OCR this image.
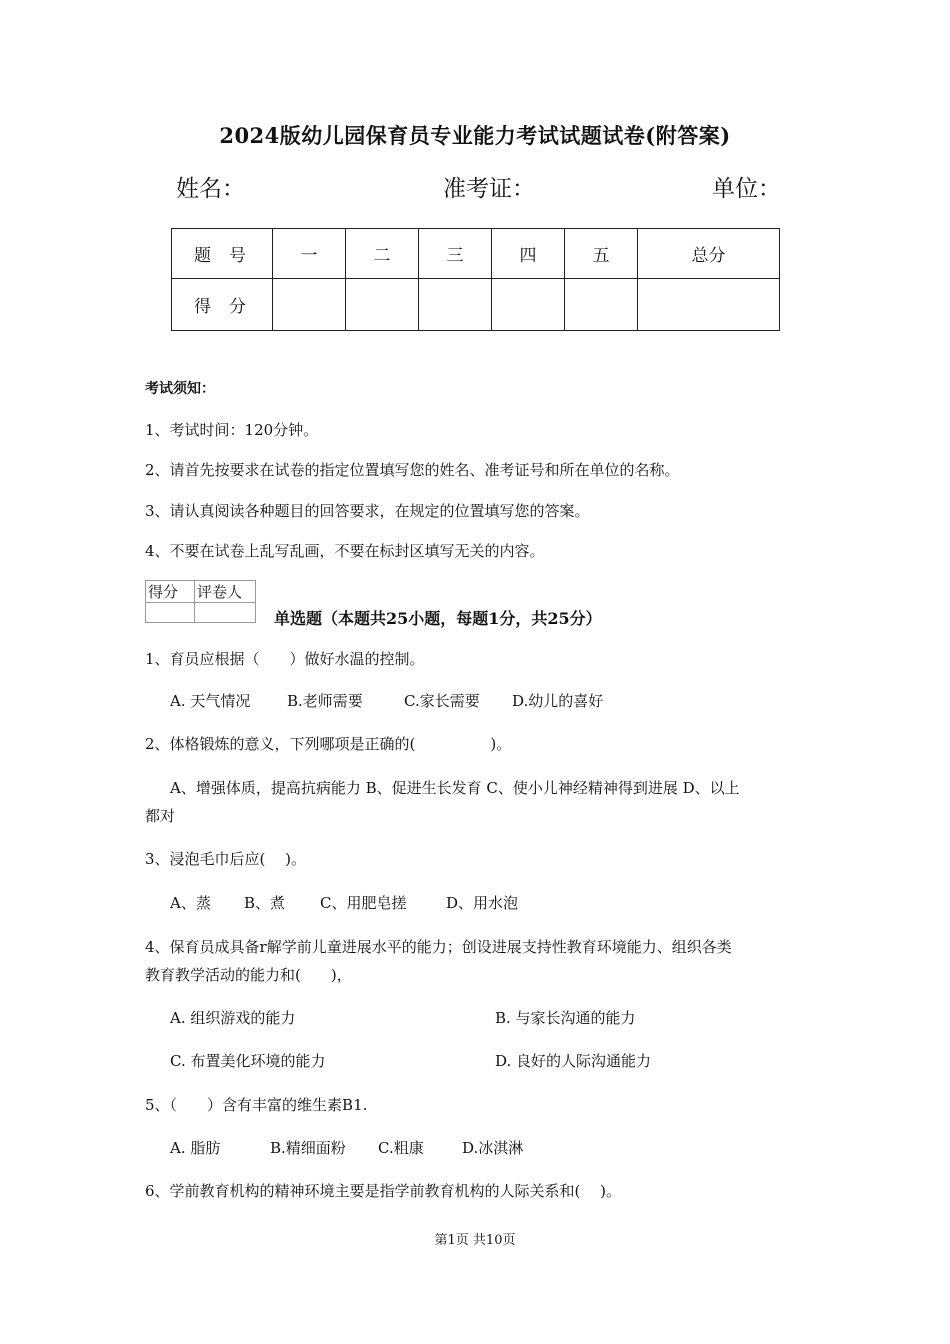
2024版幼儿园保育员专业能力考试试题试卷(附答案)
姓名：	准考证：	单位：
题号	一	二	三	四	五	总分
得分						
考试须知：
1、考试时间：120分钟。
2、请首先按要求在试卷的指定位置填写您的姓名、准考证号和所在单位的名称。
3、请认真阅读各种题目的回答要求，在规定的位置填写您的答案。
4、不要在试卷上乱写乱画，不要在标封区填写无关的内容。
得分	评卷人

单选题（本题共25小题，每题1分，共25分）
1、育员应根据（　　）做好水温的控制。
A. 天气情况 B.老师需要	C.家长需要 D.幼儿的喜好
2、体格锻炼的意义，下列哪项是正确的(　　　　　)。
A、增强体质，提高抗病能力 B、促进生长发育 C、使小儿神经精神得到进展 D、以上
都对
3、浸泡毛巾后应(　 )。
A、蒸 B、煮 C、用肥皂搓	D、用水泡
4、保育员成具备r解学前儿童进展水平的能力；创设进展支持性教育环境能力、组织各类
教育教学活动的能力和(　　)，
A. 组织游戏的能力	B. 与家长沟通的能力
C. 布置美化环境的能力	D. 良好的人际沟通能力
5、（　　）含有丰富的维生素B1.
A. 脂肪	B.精细面粉 C.粗康	D.冰淇淋
6、学前教育机构的精神环境主要是指学前教育机构的人际关系和(　 )。
第1页 共10页
